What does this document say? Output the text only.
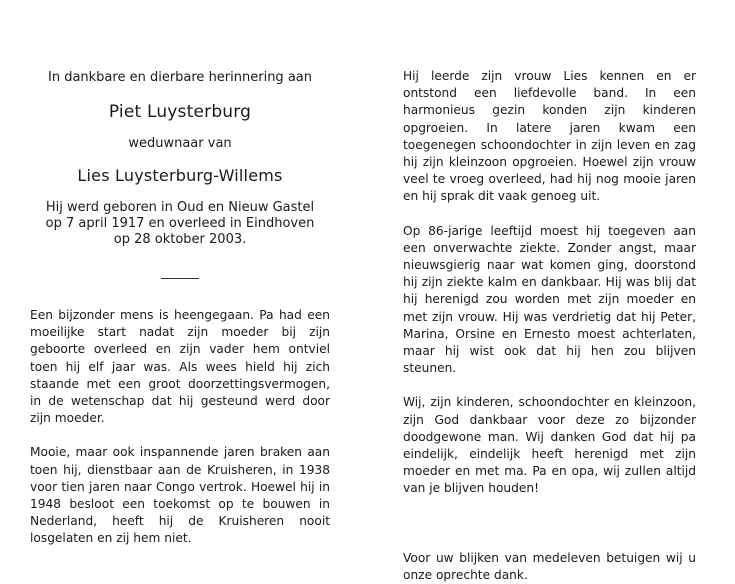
In dankbare en dierbare herinnering aan

Piet Luysterburg

weduwnaar van

Lies Luysterburg-Willems

Hij werd geboren in Oud en Nieuw Gastel
op 7 april 1917 en overleed in Eindhoven
op 28 oktober 2003.

Een bijzonder mens is heengegaan. Pa had een moeilijke start nadat zijn moeder bij zijn geboorte overleed en zijn vader hem ontviel toen hij elf jaar was. Als wees hield hij zich staande met een groot doorzettingsvermogen, in de wetenschap dat hij gesteund werd door zijn moeder.

Mooie, maar ook inspannende jaren braken aan toen hij, dienstbaar aan de Kruisheren, in 1938 voor tien jaren naar Congo vertrok. Hoewel hij in 1948 besloot een toekomst op te bouwen in Nederland, heeft hij de Kruisheren nooit losgelaten en zij hem niet.

Hij leerde zijn vrouw Lies kennen en er ontstond een liefdevolle band. In een harmonieus gezin konden zijn kinderen opgroeien. In latere jaren kwam een toegenegen schoondochter in zijn leven en zag hij zijn kleinzoon opgroeien. Hoewel zijn vrouw veel te vroeg overleed, had hij nog mooie jaren en hij sprak dit vaak genoeg uit.

Op 86-jarige leeftijd moest hij toegeven aan een onverwachte ziekte. Zonder angst, maar nieuwsgierig naar wat komen ging, doorstond hij zijn ziekte kalm en dankbaar. Hij was blij dat hij herenigd zou worden met zijn moeder en met zijn vrouw. Hij was verdrietig dat hij Peter, Marina, Orsine en Ernesto moest achterlaten, maar hij wist ook dat hij hen zou blijven steunen.

Wij, zijn kinderen, schoondochter en kleinzoon, zijn God dankbaar voor deze zo bijzonder doodgewone man. Wij danken God dat hij pa eindelijk, eindelijk heeft herenigd met zijn moeder en met ma. Pa en opa, wij zullen altijd van je blijven houden!

Voor uw blijken van medeleven betuigen wij u onze oprechte dank.
